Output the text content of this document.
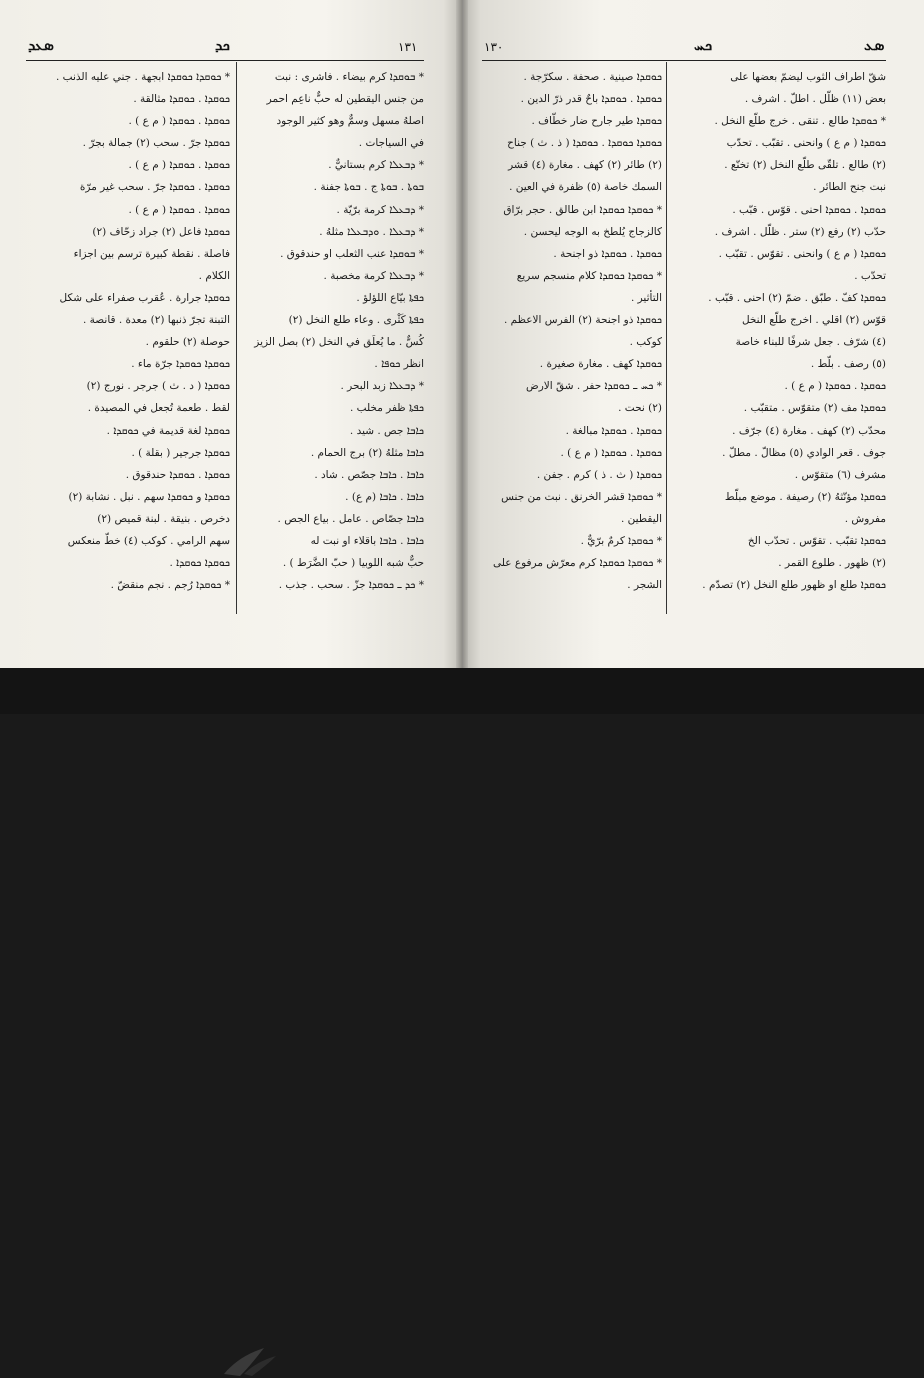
ܣܥܕ	ܟܕ	١٣١
* ܒܘܩܕܐ كرم بيضاء . فاشرى : نبت
من جنس اليقطين له حبٌّ ناعِم احمر
اصلهُ مسهل وسمٌّ وهو كثير الوجود
في السياجات .
* ܕܒܥܠܐ كرم بستانيٌّ .
ܒܘܬܐ . ܒܘܬܐ ج . ܒܘܬܐ جفنة .
* ܕܒܥܠܐ كرمة برّيّة .
* ܕܒܥܠܐ . ܘܕܒܥܠܐ مثلهُ .
* ܒܘܩܕܐ عنب الثعلب او حندقوق .
* ܕܒܥܠܐ كرمة مخصبة .
ܟܦܬܐ بيّاع اللؤلؤ .
ܟܦܬܐ كَثْرى . وعاء طلع النخل (٢)
كُسٌّ . ما يُعلَق في النخل (٢) بصل الزيز
انظر ܟܘܦܐ .
* ܕܒܥܠܐ زبد البحر .
ܟܦܬܐ ظفر مخلب .
ܟܐܒܐ جص . شيد .
ܟܐܒܐ مثلهُ (٢) برج الحمام .
ܟܐܒܐ . ܟܐܒܐ جصّص . شاد .
ܟܐܒܐ . ܟܐܒܐ (م ع) .
ܟܐܒܐ جصّاص . عامل . بياع الجص .
ܟܐܒܐ . ܟܐܒܐ باقلاء او نبت له
حبٌّ شبه اللوبيا ( حبّ الضَّرَط ) .
* ܟܕ ـ ܟܘܩܕܐ جزّ . سحب . جذب .
* ܟܘܩܕܐ ܟܘܩܕܐ ابجهة . جني عليه الذنب .
ܟܘܩܕܐ . ܟܘܩܕܐ مثالقة .
ܟܘܩܕܐ . ܟܘܩܕܐ ( م ع ) .
ܟܘܩܕܐ جرّ . سحب (٢) جمالة بجرّ .
ܟܘܩܕܐ . ܟܘܩܕܐ ( م ع ) .
ܟܘܩܕܐ . ܟܘܩܕܐ جرّ . سحب غير مرّة
ܟܘܩܕܐ . ܟܘܩܕܐ ( م ع ) .
ܟܘܩܕܐ فاعل (٢) جراد زحّاف (٢)
فاصلة . نقطة كبيرة ترسم بين اجزاء
الكلام .
ܟܘܩܕܐ جرارة . عُقرب صفراء على شكل
التبنة تجرّ ذنبها (٢) معدة . قانصة .
حوصلة (٢) حلقوم .
ܟܘܩܕܐ ܟܘܩܕܐ جرّة ماء .
ܟܘܩܕܐ ( د . ث ) جرجر . نورج (٢)
لقط . طعمة تُجعل في المصيدة .
ܟܘܩܕܐ لغة قديمة في ܟܘܩܕܐ .
ܟܘܩܕܐ جرجير ( بقلة ) .
ܟܘܩܕܐ . ܟܘܩܕܐ حندقوق .
ܟܘܩܕܐ و ܟܘܩܕܐ سهم . نبل . نشابة (٢)
دخرص . بنيقة . لبنة قميص (٢)
سهم الرامي . كوكب (٤) خطّ منعكس
ܟܘܩܕܐ ܟܘܩܕܐ .
* ܟܘܩܕܐ رُجم . نجم منقضّ .
١٣٠	ܟܚ	ܣܥ
شقّ اطراف الثوب ليضمّ بعضها على
بعض (١١) ظلّل . اطلّ . اشرف .
* ܟܘܩܕܐ طالع . تنقى . خرج طلّع النخل .
ܟܘܩܕܐ ( م ع ) وانحنى . تقبّب . تحدّب
(٢) طالع . تلقّى طلّع النخل (٢) تخنّع .
نبت جنح الطائر .
ܟܘܩܕܐ . ܟܘܩܕܐ احنى . قوّس . قبّب .
حدّب (٢) رفع (٢) ستر . ظلّل . اشرف .
ܟܘܩܕܐ ( م ع ) وانحنى . تقوّس . تقبّب .
تحدّب .
ܟܘܩܕܐ كفّ . طبّق . ضمّ (٢) احنى . قبّب .
قوّس (٢) اقلي . اخرج طلّع النخل
(٤) شرّف . جعل شرفًا للبناء خاصة
(٥) رصف . بلّط .
ܟܘܩܕܐ . ܟܘܩܕܐ ( م ع ) .
ܟܘܩܕܐ مف (٢) متقوّس . متقبّب .
محدّب (٢) كهف . مغارة (٤) جرّف .
جوف . قعر الوادي (٥) مظالّ . مطلّ .
مشرف (٦) متقوّس .
ܟܘܩܕܐ مؤنّثهُ (٢) رصيفة . موضع مبلّط
مفروش .
ܟܘܩܕܐ تقبّب . تقوّس . تحدّب الخ
(٢) ظهور . طلوع القمر .
ܟܘܩܕܐ طلع او ظهور طلع النخل (٢) تصدّم .
ܟܘܩܕܐ صينية . صحفة . سكرّجة .
ܟܘܩܕܐ . ܟܘܩܕܐ باحٌ قدر ذرّ الدين .
ܟܘܩܕܐ طير جارح ضار خطّاف .
ܟܘܩܕܐ ܟܘܩܕܐ . ܟܘܩܕܐ ( ذ . ث ) جناح
(٢) طائر (٢) كهف . مغارة (٤) قشر
السمك خاصة (٥) ظفرة في العين .
* ܟܘܩܕܐ ܟܘܩܕܐ ابن طالق . حجر برّاق
كالزجاج يُلطخ به الوجه ليحسن .
ܟܘܩܕܐ . ܟܘܩܕܐ ذو اجنحة .
* ܟܘܩܕܐ ܟܘܩܕܐ كلام منسجم سريع
التأثير .
ܟܘܩܕܐ ذو اجنحة (٢) الفرس الاعظم .
كوكب .
ܟܘܩܕܐ كهف . مغارة صغيرة .
* ܟܚ ـ ܟܘܩܕܐ حفر . شقّ الارض
(٢) نحت .
ܟܘܩܕܐ . ܟܘܩܕܐ مبالغة .
ܟܘܩܕܐ . ܟܘܩܕܐ ( م ع ) .
ܟܘܩܕܐ ( ث . ذ ) كرم . جفن .
* ܟܘܩܕܐ قشر الخرنق . نبت من جنس
اليقطين .
* ܟܘܩܕܐ كرمٌ برّيٌّ .
* ܟܘܩܕܐ ܟܘܩܕܐ كرم معرّش مرفوع على
الشجر .
